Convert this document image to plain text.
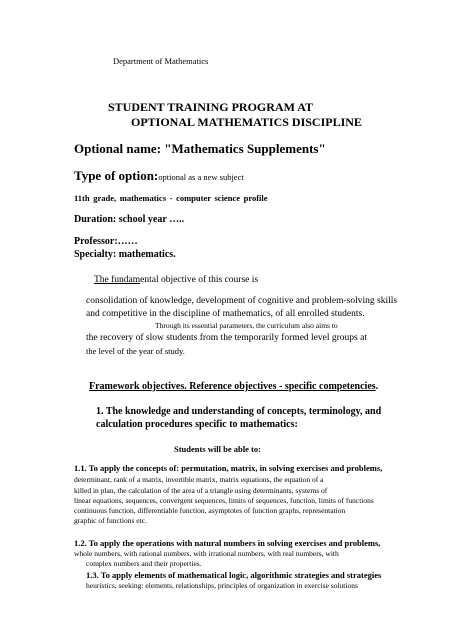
Department of Mathematics
STUDENT TRAINING PROGRAM AT
OPTIONAL MATHEMATICS DISCIPLINE
Optional name: "Mathematics Supplements"
Type of option:optional as a new subject
11th grade, mathematics - computer science profile
Duration: school year …..
Professor:……
Specialty: mathematics.
The fundamental objective of this course is
consolidation of knowledge, development of cognitive and problem-solving skills
and competitive in the discipline of mathematics, of all enrolled students.
Through its essential parameters, the curriculum also aims to
the recovery of slow students from the temporarily formed level groups at
the level of the year of study.
Framework objectives. Reference objectives - specific competencies.
1. The knowledge and understanding of concepts, terminology, and
calculation procedures specific to mathematics:
Students will be able to:
1.1. To apply the concepts of: permutation, matrix, in solving exercises and problems,
determinant, rank of a matrix, invertible matrix, matrix equations, the equation of a
killed in plan, the calculation of the area of a triangle using determinants, systems of
linear equations, sequences, convergent sequences, limits of sequences, function, limits of functions
continuous function, differentiable function, asymptotes of function graphs, representation
graphic of functions etc.
1.2. To apply the operations with natural numbers in solving exercises and problems,
whole numbers, with rational numbers, with irrational numbers, with real numbers, with
complex numbers and their properties.
1.3. To apply elements of mathematical logic, algorithmic strategies and strategies
heuristics, seeking: elements, relationships, principles of organization in exercise solutions
